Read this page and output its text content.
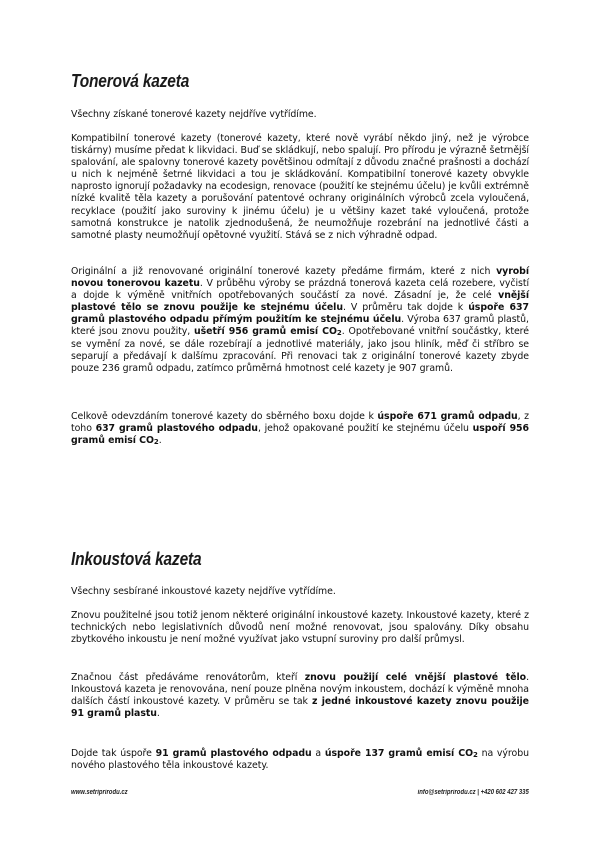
Tonerová kazeta

Všechny získané tonerové kazety nejdříve vytřídíme.

Kompatibilní tonerové kazety (tonerové kazety, které nově vyrábí někdo jiný, než je výrobce tiskárny) musíme předat k likvidaci. Buď se skládkují, nebo spalují. Pro přírodu je výrazně šetrnější spalování, ale spalovny tonerové kazety povětšinou odmítají z důvodu značné prašnosti a dochází u nich k nejméně šetrné likvidaci a tou je skládkování. Kompatibilní tonerové kazety obvykle naprosto ignorují požadavky na ecodesign, renovace (použití ke stejnému účelu) je kvůli extrémně nízké kvalitě těla kazety a porušování patentové ochrany originálních výrobců zcela vyloučená, recyklace (použití jako suroviny k jinému účelu) je u většiny kazet také vyloučená, protože samotná konstrukce je natolik zjednodušená, že neumožňuje rozebrání na jednotlivé části a samotné plasty neumožňují opětovné využití. Stává se z nich výhradně odpad.

Originální a již renovované originální tonerové kazety předáme firmám, které z nich vyrobí novou tonerovou kazetu. V průběhu výroby se prázdná tonerová kazeta celá rozebere, vyčistí a dojde k výměně vnitřních opotřebovaných součástí za nové. Zásadní je, že celé vnější plastové tělo se znovu použije ke stejnému účelu. V průměru tak dojde k úspoře 637 gramů plastového odpadu přímým použitím ke stejnému účelu. Výroba 637 gramů plastů, které jsou znovu použity, ušetří 956 gramů emisí CO2. Opotřebované vnitřní součástky, které se vymění za nové, se dále rozebírají a jednotlivé materiály, jako jsou hliník, měď či stříbro se separují a předávají k dalšímu zpracování. Při renovaci tak z originální tonerové kazety zbyde pouze 236 gramů odpadu, zatímco průměrná hmotnost celé kazety je 907 gramů.

Celkově odevzdáním tonerové kazety do sběrného boxu dojde k úspoře 671 gramů odpadu, z toho 637 gramů plastového odpadu, jehož opakované použití ke stejnému účelu uspoří 956 gramů emisí CO2.

Inkoustová kazeta

Všechny sesbírané inkoustové kazety nejdříve vytřídíme.

Znovu použitelné jsou totiž jenom některé originální inkoustové kazety. Inkoustové kazety, které z technických nebo legislativních důvodů není možné renovovat, jsou spalovány. Díky obsahu zbytkového inkoustu je není možné využívat jako vstupní suroviny pro další průmysl.

Značnou část předáváme renovátorům, kteří znovu použijí celé vnější plastové tělo. Inkoustová kazeta je renovována, není pouze plněna novým inkoustem, dochází k výměně mnoha dalších částí inkoustové kazety. V průměru se tak z jedné inkoustové kazety znovu použije 91 gramů plastu.

Dojde tak úspoře 91 gramů plastového odpadu a úspoře 137 gramů emisí CO2 na výrobu nového plastového těla inkoustové kazety.

www.setriprirodu.cz	info@setriprirodu.cz | +420 602 427 335
